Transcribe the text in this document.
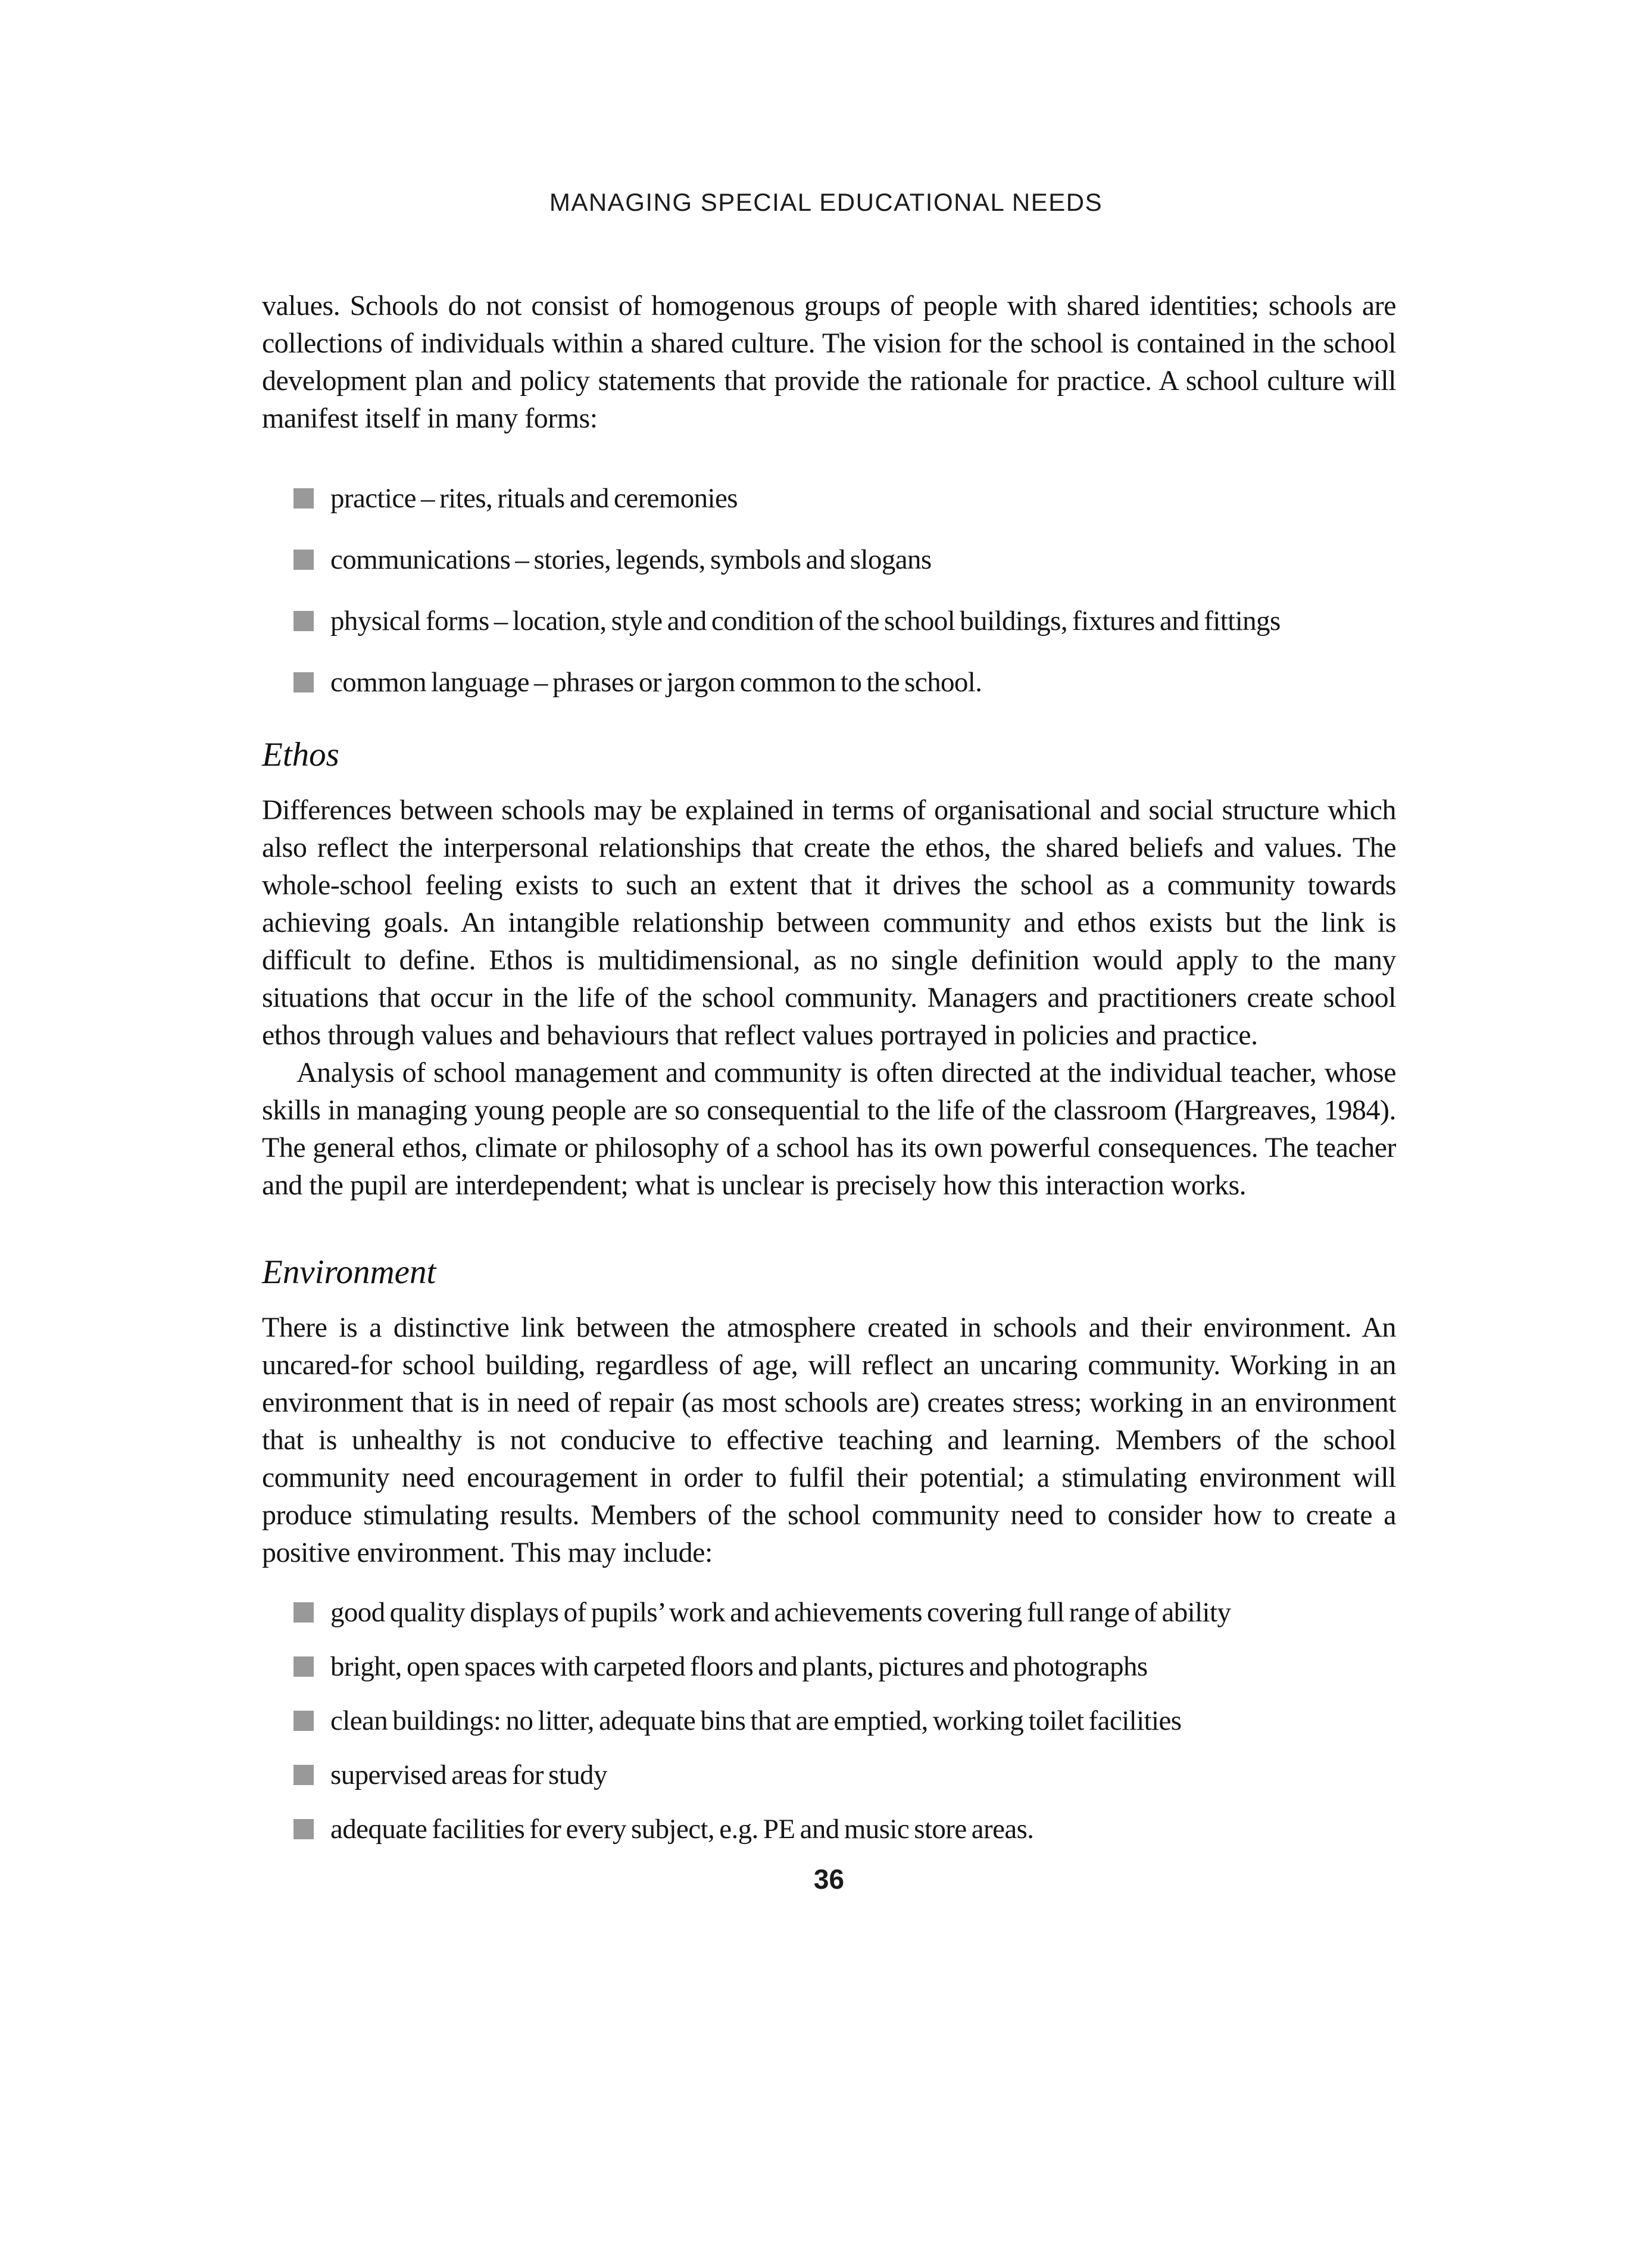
MANAGING SPECIAL EDUCATIONAL NEEDS

values. Schools do not consist of homogenous groups of people with shared identities; schools are collections of individuals within a shared culture. The vision for the school is contained in the school development plan and policy statements that provide the rationale for practice. A school culture will manifest itself in many forms:

practice – rites, rituals and ceremonies
communications – stories, legends, symbols and slogans
physical forms – location, style and condition of the school buildings, fixtures and fittings
common language – phrases or jargon common to the school.
Ethos

Differences between schools may be explained in terms of organisational and social structure which also reflect the interpersonal relationships that create the ethos, the shared beliefs and values. The whole-school feeling exists to such an extent that it drives the school as a community towards achieving goals. An intangible relationship between community and ethos exists but the link is difficult to define. Ethos is multidimensional, as no single definition would apply to the many situations that occur in the life of the school community. Managers and practitioners create school ethos through values and behaviours that reflect values portrayed in policies and practice.

Analysis of school management and community is often directed at the individual teacher, whose skills in managing young people are so consequential to the life of the classroom (Hargreaves, 1984). The general ethos, climate or philosophy of a school has its own powerful consequences. The teacher and the pupil are interdependent; what is unclear is precisely how this interaction works.

Environment

There is a distinctive link between the atmosphere created in schools and their environment. An uncared-for school building, regardless of age, will reflect an uncaring community. Working in an environment that is in need of repair (as most schools are) creates stress; working in an environment that is unhealthy is not conducive to effective teaching and learning. Members of the school community need encouragement in order to fulfil their potential; a stimulating environment will produce stimulating results. Members of the school community need to consider how to create a positive environment. This may include:

good quality displays of pupils’ work and achievements covering full range of ability
bright, open spaces with carpeted floors and plants, pictures and photographs
clean buildings: no litter, adequate bins that are emptied, working toilet facilities
supervised areas for study
adequate facilities for every subject, e.g. PE and music store areas.
36
